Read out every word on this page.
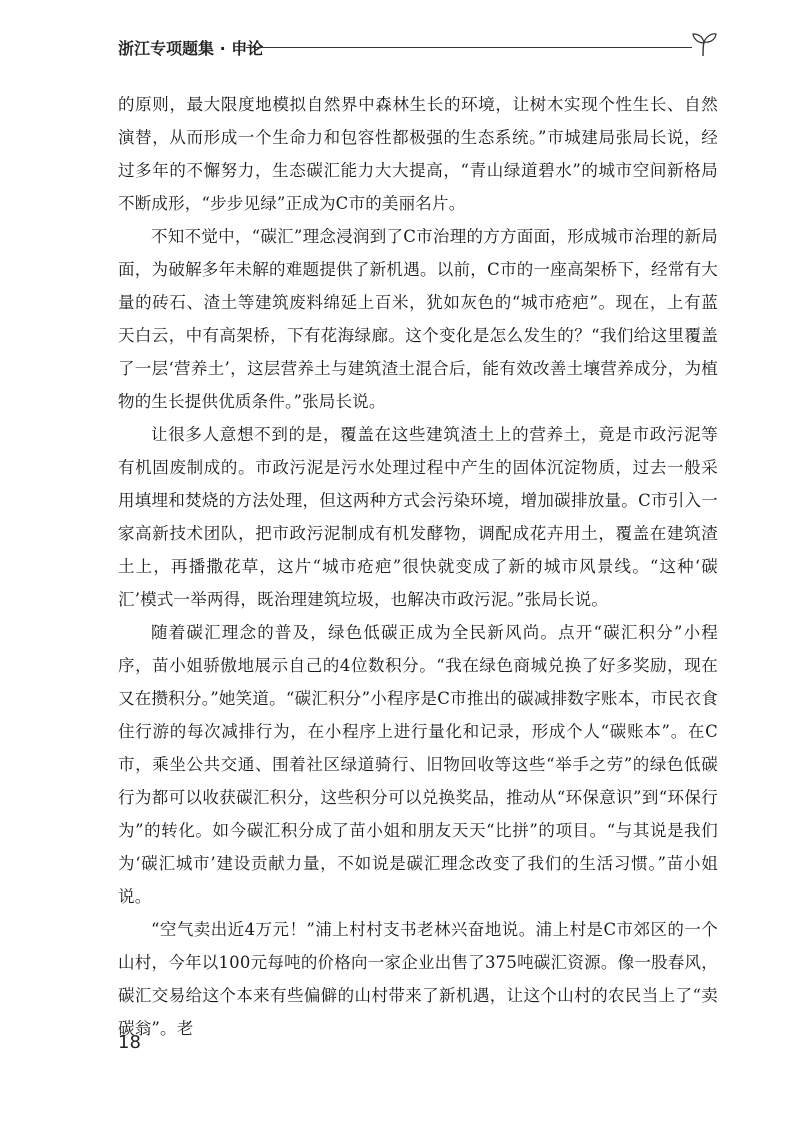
浙江专项题集 · 申论

的原则，最大限度地模拟自然界中森林生长的环境，让树木实现个性生长、自然演替，从而形成一个生命力和包容性都极强的生态系统。”市城建局张局长说，经过多年的不懈努力，生态碳汇能力大大提高，“青山绿道碧水”的城市空间新格局不断成形，“步步见绿”正成为C市的美丽名片。

不知不觉中，“碳汇”理念浸润到了C市治理的方方面面，形成城市治理的新局面，为破解多年未解的难题提供了新机遇。以前，C市的一座高架桥下，经常有大量的砖石、渣土等建筑废料绵延上百米，犹如灰色的“城市疮疤”。现在，上有蓝天白云，中有高架桥，下有花海绿廊。这个变化是怎么发生的？“我们给这里覆盖了一层‘营养土’，这层营养土与建筑渣土混合后，能有效改善土壤营养成分，为植物的生长提供优质条件。”张局长说。

让很多人意想不到的是，覆盖在这些建筑渣土上的营养土，竟是市政污泥等有机固废制成的。市政污泥是污水处理过程中产生的固体沉淀物质，过去一般采用填埋和焚烧的方法处理，但这两种方式会污染环境，增加碳排放量。C市引入一家高新技术团队，把市政污泥制成有机发酵物，调配成花卉用土，覆盖在建筑渣土上，再播撒花草，这片“城市疮疤”很快就变成了新的城市风景线。“这种‘碳汇’模式一举两得，既治理建筑垃圾，也解决市政污泥。”张局长说。

随着碳汇理念的普及，绿色低碳正成为全民新风尚。点开“碳汇积分”小程序，苗小姐骄傲地展示自己的4位数积分。“我在绿色商城兑换了好多奖励，现在又在攒积分。”她笑道。“碳汇积分”小程序是C市推出的碳减排数字账本，市民衣食住行游的每次减排行为，在小程序上进行量化和记录，形成个人“碳账本”。在C市，乘坐公共交通、围着社区绿道骑行、旧物回收等这些“举手之劳”的绿色低碳行为都可以收获碳汇积分，这些积分可以兑换奖品，推动从“环保意识”到“环保行为”的转化。如今碳汇积分成了苗小姐和朋友天天“比拼”的项目。“与其说是我们为‘碳汇城市’建设贡献力量，不如说是碳汇理念改变了我们的生活习惯。”苗小姐说。

“空气卖出近4万元！”浦上村村支书老林兴奋地说。浦上村是C市郊区的一个山村，今年以100元每吨的价格向一家企业出售了375吨碳汇资源。像一股春风，碳汇交易给这个本来有些偏僻的山村带来了新机遇，让这个山村的农民当上了“卖碳翁”。老

18
